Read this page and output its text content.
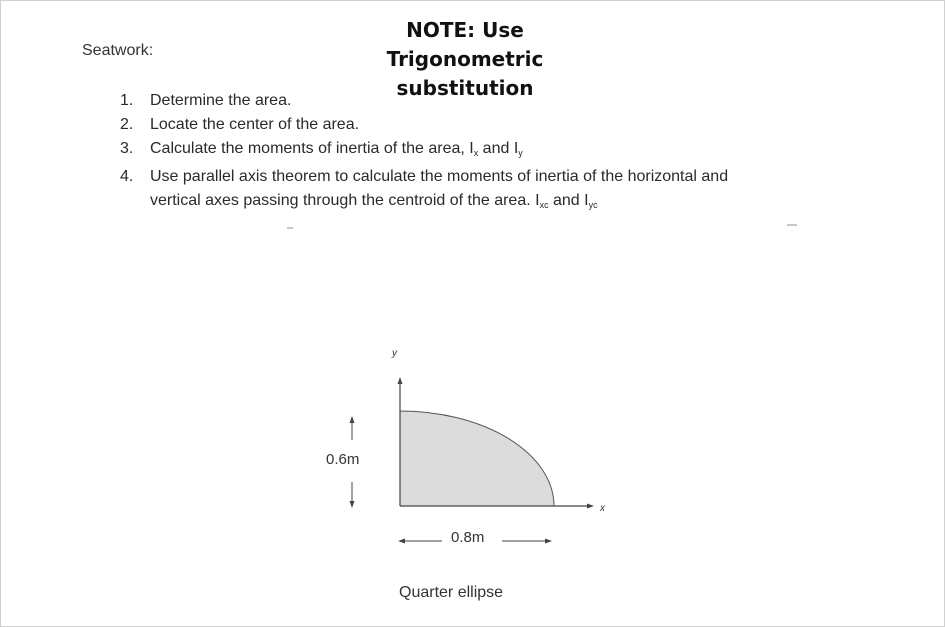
Seatwork:
NOTE: Use
Trigonometric
substitution
1. Determine the area.
2. Locate the center of the area.
3. Calculate the moments of inertia of the area, $I_x$ and $I_y$
4. Use parallel axis theorem to calculate the moments of inertia of the horizontal and
vertical axes passing through the centroid of the area. $I_{xc}$ and $I_{yc}$
y
x
0.6m
0.8m
Quarter ellipse
